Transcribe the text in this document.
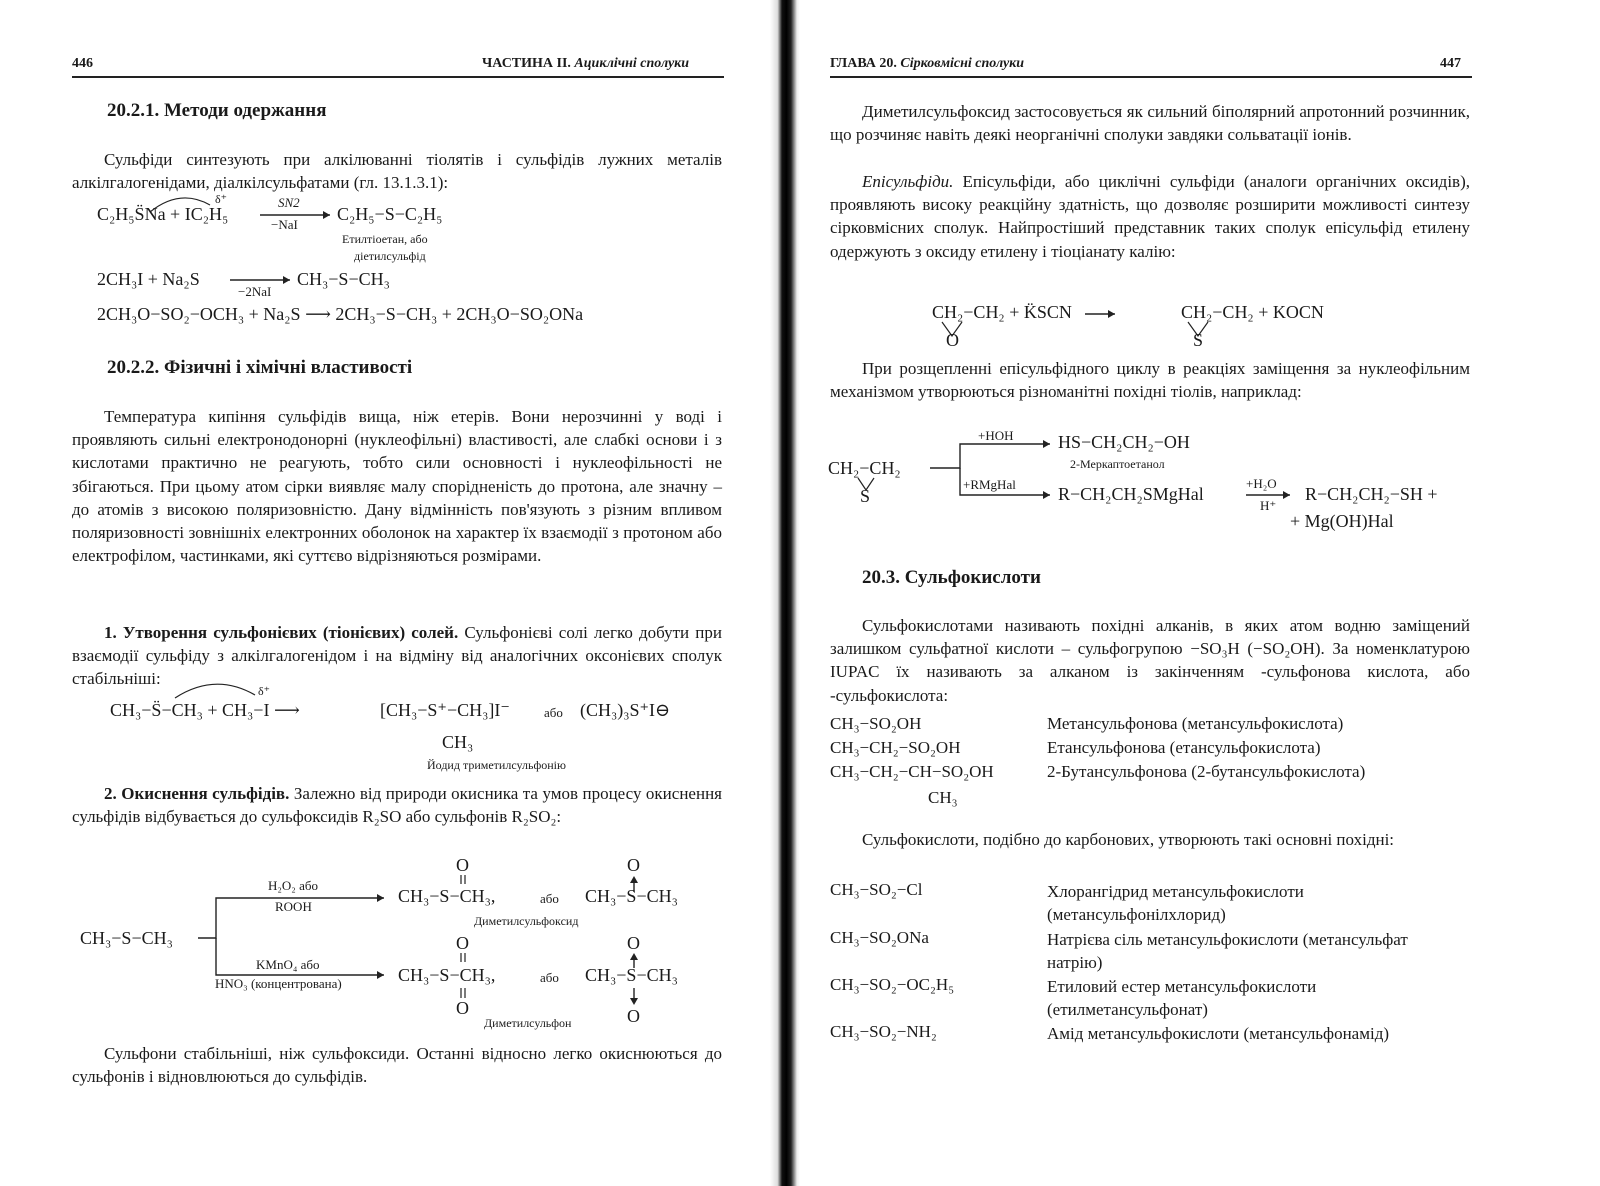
446	ЧАСТИНА II. Ациклічні сполуки
20.2.1. Методи одержання

Сульфіди синтезують при алкілюванні тіолятів і сульфідів лужних металів алкілгалогенідами, діалкілсульфатами (гл. 13.1.3.1):

δ⁺
C₂H₅S̈Na + IC₂H₅
SN2
−NaI
C₂H₅−S−C₂H₅
Етилтіоетан, або
діетилсульфід
2CH₃I + Na₂S
−2NaI
CH₃−S−CH₃
2CH₃O−SO₂−OCH₃ + Na₂S ⟶ 2CH₃−S−CH₃ + 2CH₃O−SO₂ONa
20.2.2. Фізичні і хімічні властивості

Температура кипіння сульфідів вища, ніж етерів. Вони нерозчинні у воді і проявляють сильні електронодонорні (нуклеофільні) властивості, але слабкі основи і з кислотами практично не реагують, тобто сили основності і нуклеофільності не збігаються. При цьому атом сірки виявляє малу спорідненість до протона, але значну – до атомів з високою поляризовністю. Дану відмінність пов'язують з різним впливом поляризовності зовнішніх електронних оболонок на характер їх взаємодії з протоном або електрофілом, частинками, які суттєво відрізняються розмірами.

1. Утворення сульфонієвих (тіонієвих) солей. Сульфонієві солі легко добути при взаємодії сульфіду з алкілгалогенідом і на відміну від аналогічних оксонієвих сполук стабільніші:

δ⁺
CH₃−S̈−CH₃ + CH₃−I ⟶	[CH₃−S⁺−CH₃]I⁻	або (CH₃)₃S⁺I⊖
CH₃
Йодид триметилсульфонію

2. Окиснення сульфідів. Залежно від природи окисника та умов процесу окиснення сульфідів відбувається до сульфоксидів R₂SO або сульфонів R₂SO₂:

CH₃−S−CH₃
H₂O₂ або
ROOH
O	O
CH₃−S−CH₃,	або CH₃−S−CH₃
Диметилсульфоксид
KMnO₄ або
HNO₃ (концентрована)
O	O
CH₃−S−CH₃,	або CH₃−S−CH₃
O	O
Диметилсульфон

Сульфони стабільніші, ніж сульфоксиди. Останні відносно легко окиснюються до сульфонів і відновлюються до сульфідів.

ГЛАВА 20. Сірковмісні сполуки	447

Диметилсульфоксид застосовується як сильний біполярний апротонний розчинник, що розчиняє навіть деякі неорганічні сполуки завдяки сольватації іонів.

Епісульфіди. Епісульфіди, або циклічні сульфіди (аналоги органічних оксидів), проявляють високу реакційну здатність, що дозволяє розширити можливості синтезу сірковмісних сполук. Найпростіший представник таких сполук епісульфід етилену одержують з оксиду етилену і тіоціанату калію:

CH₂−CH₂ + K̈SCN
O
CH₂−CH₂ + KOCN
S

При розщепленні епісульфідного циклу в реакціях заміщення за нуклеофільним механізмом утворюються різноманітні похідні тіолів, наприклад:

CH₂−CH₂
S
+HOH HS−CH₂CH₂−OH
2-Меркаптоетанол
+RMgHal R−CH₂CH₂SMgHal
+H₂O
H⁺
R−CH₂CH₂−SH +
+ Mg(OH)Hal
20.3. Сульфокислоти

Сульфокислотами називають похідні алканів, в яких атом водню заміщений залишком сульфатної кислоти – сульфогрупою −SO₃H (−SO₂OH). За номенклатурою IUPAC їх називають за алканом із закінченням -сульфонова кислота, або -сульфокислота:

CH₃−SO₂OH	Метансульфонова (метансульфокислота)
CH₃−CH₂−SO₂OH	Етансульфонова (етансульфокислота)
CH₃−CH₂−CH−SO₂OH	2-Бутансульфонова (2-бутансульфокислота)
CH₃

Сульфокислоти, подібно до карбонових, утворюють такі основні похідні:

CH₃−SO₂−Cl	Хлорангідрид метансульфокислоти (метансульфонілхлорид)
CH₃−SO₂ONa	Натрієва сіль метансульфокислоти (метансульфат натрію)
CH₃−SO₂−OC₂H₅	Етиловий естер метансульфокислоти (етилметансульфонат)
CH₃−SO₂−NH₂	Амід метансульфокислоти (метансульфонамід)
